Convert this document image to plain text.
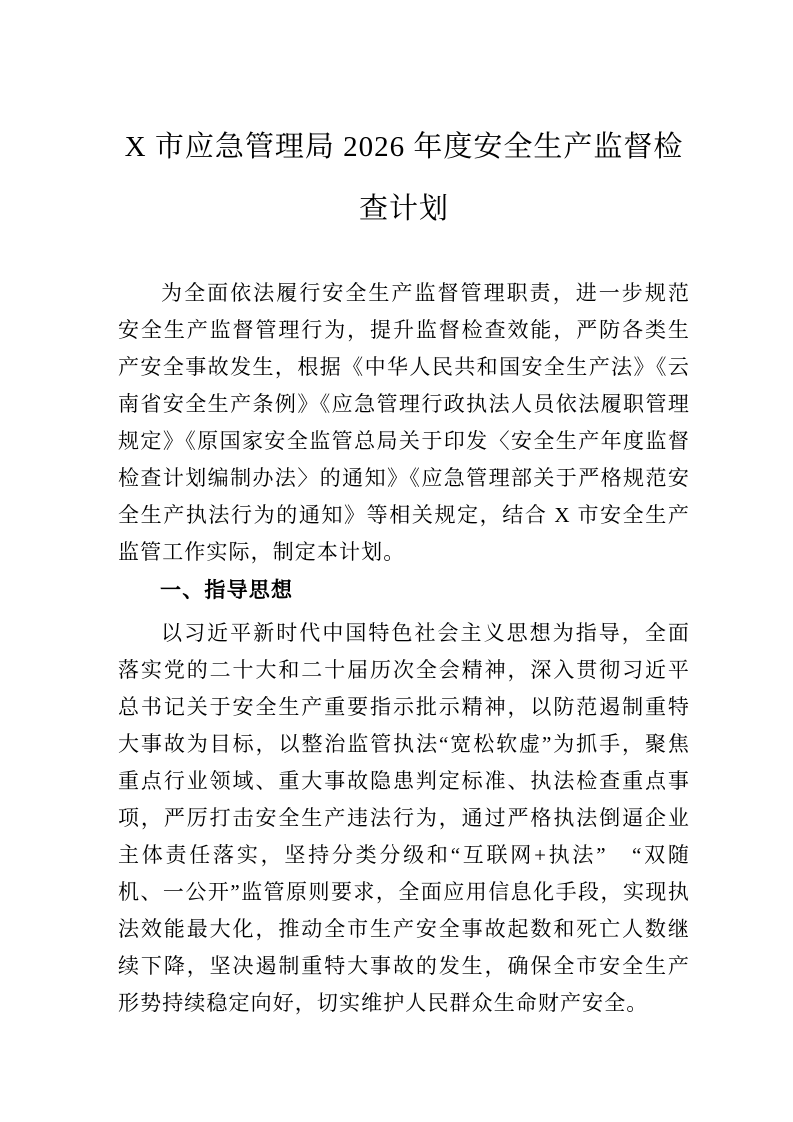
X 市应急管理局 2026 年度安全生产监督检
查计划

为全面依法履行安全生产监督管理职责，进一步规范安全生产监督管理行为，提升监督检查效能，严防各类生产安全事故发生，根据《中华人民共和国安全生产法》《云南省安全生产条例》《应急管理行政执法人员依法履职管理规定》《原国家安全监管总局关于印发〈安全生产年度监督检查计划编制办法〉的通知》《应急管理部关于严格规范安全生产执法行为的通知》等相关规定，结合 X 市安全生产监管工作实际，制定本计划。

一、指导思想

以习近平新时代中国特色社会主义思想为指导，全面落实党的二十大和二十届历次全会精神，深入贯彻习近平总书记关于安全生产重要指示批示精神，以防范遏制重特大事故为目标，以整治监管执法“宽松软虚”为抓手，聚焦重点行业领域、重大事故隐患判定标准、执法检查重点事项，严厉打击安全生产违法行为，通过严格执法倒逼企业主体责任落实，坚持分类分级和“互联网+执法”　“双随机、一公开”监管原则要求，全面应用信息化手段，实现执法效能最大化，推动全市生产安全事故起数和死亡人数继续下降，坚决遏制重特大事故的发生，确保全市安全生产形势持续稳定向好，切实维护人民群众生命财产安全。
